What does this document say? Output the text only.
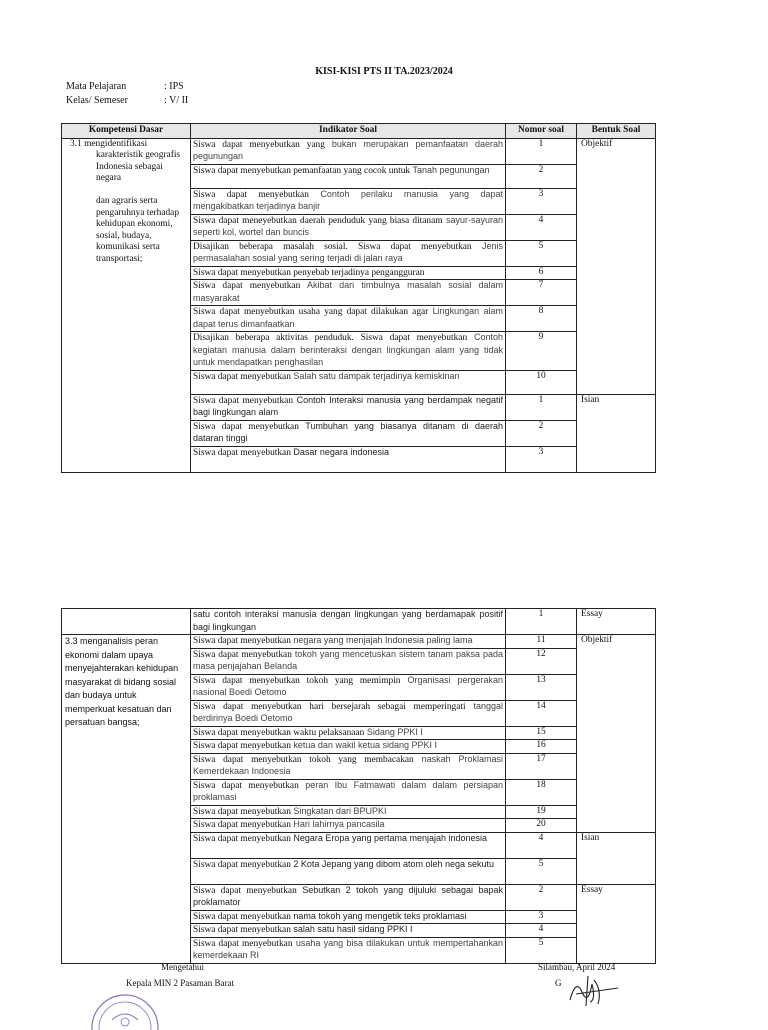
KISI-KISI PTS II TA.2023/2024
Mata Pelajaran	: IPS
Kelas/ Semeser	: V/ II
Kompetensi Dasar	Indikator Soal	Nomor soal	Bentuk Soal
3.1 mengidentifikasi
karakteristik geografis Indonesia sebagai negara

dan agraris serta pengaruhnya terhadap kehidupan ekonomi, sosial, budaya, komunikasi serta transportasi;	Siswa dapat menyebutkan yang bukan merupakan pemanfaatan daerah pegunungan	1	Objektif
	Siswa dapat menyebutkan pemanfaatan yang cocok untuk Tanah pegunungan	2	
	Siswa dapat menyebutkan Contoh perilaku manusia yang dapat mengakibatkan terjadinya banjir	3	
	Siswa dapat meneyebutkan daerah penduduk yang biasa ditanam sayur-sayuran seperti kol, wortel dan buncis	4	
	Disajikan beberapa masalah sosial. Siswa dapat menyebutkan Jenis permasalahan sosial yang sering terjadi di jalan raya	5	
	Siswa dapat menyebutkan penyebab terjadinya pengangguran	6	
	Siswa dapat menyebutkan Akibat dari timbulnya masalah sosial dalam masyarakat	7	
	Siswa dapat menyebutkan usaha yang dapat dilakukan agar Lingkungan alam dapat terus dimanfaatkan	8	
	Disajikan beberapa aktivitas penduduk. Siswa dapat menyebutkan Contoh kegiatan manusia dalam berinteraksi dengan lingkungan alam yang tidak untuk mendapatkan penghasilan	9	
	Siswa dapat menyebutkan Salah satu dampak terjadinya kemiskinan	10	
	Siswa dapat menyebutkan Contoh Interaksi manusia yang berdampak negatif bagi lingkungan alam	1	Isian
	Siswa dapat menyebutkan Tumbuhan yang biasanya ditanam di daerah dataran tinggi	2	
	Siswa dapat menyebutkan Dasar negara indonesia	3	
	satu contoh interaksi manusia dengan lingkungan yang berdamapak positif bagi lingkungan	1	Essay
3.3 menganalisis peran ekonomi dalam upaya menyejahterakan kehidupan masyarakat di bidang sosial dan budaya untuk memperkuat kesatuan dan persatuan bangsa;	Siswa dapat menyebutkan negara yang menjajah Indonesia paling lama	11	Objektif
	Siswa dapat menyebutkan tokoh yang mencetuskan sistem tanam paksa pada masa penjajahan Belanda	12	
	Siswa dapat menyebutkan tokoh yang memimpin Organisasi pergerakan nasional Boedi Oetomo	13	
	Siswa dapat menyebutkan hari bersejarah sebagai memperingati tanggal berdirinya Boedi Oetomo	14	
	Siswa dapat menyebutkan waktu pelaksanaan Sidang PPKI I	15	
	Siswa dapat menyebutkan ketua dan wakil ketua sidang PPKI I	16	
	Siswa dapat menyebutkan tokoh yang membacakan naskah Proklamasi Kemerdekaan Indonesia	17	
	Siswa dapat menyebutkan peran Ibu Fatmawati dalam dalam persiapan proklamasi	18	
	Siswa dapat menyebutkan Singkatan dari BPUPKI	19	
	Siswa dapat menyebutkan Hari lahirnya pancasila	20	
	Siswa dapat menyebutkan Negara Eropa yang pertama menjajah indonesia	4	Isian
	Siswa dapat menyebutkan 2 Kota Jepang yang dibom atom oleh nega sekutu	5	
	Siswa dapat menyebutkan Sebutkan 2 tokoh yang dijuluki sebagai bapak proklamator	2	Essay
	Siswa dapat menyebutkan nama tokoh yang mengetik teks proklamasi	3	
	Siswa dapat menyebutkan salah satu hasil sidang PPKI I	4	
	Siswa dapat menyebutkan usaha yang bisa dilakukan untuk mempertahankan kemerdekaan RI	5	
Mengetahui
Kepala MIN 2 Pasaman Barat
Silambau, April 2024
G
